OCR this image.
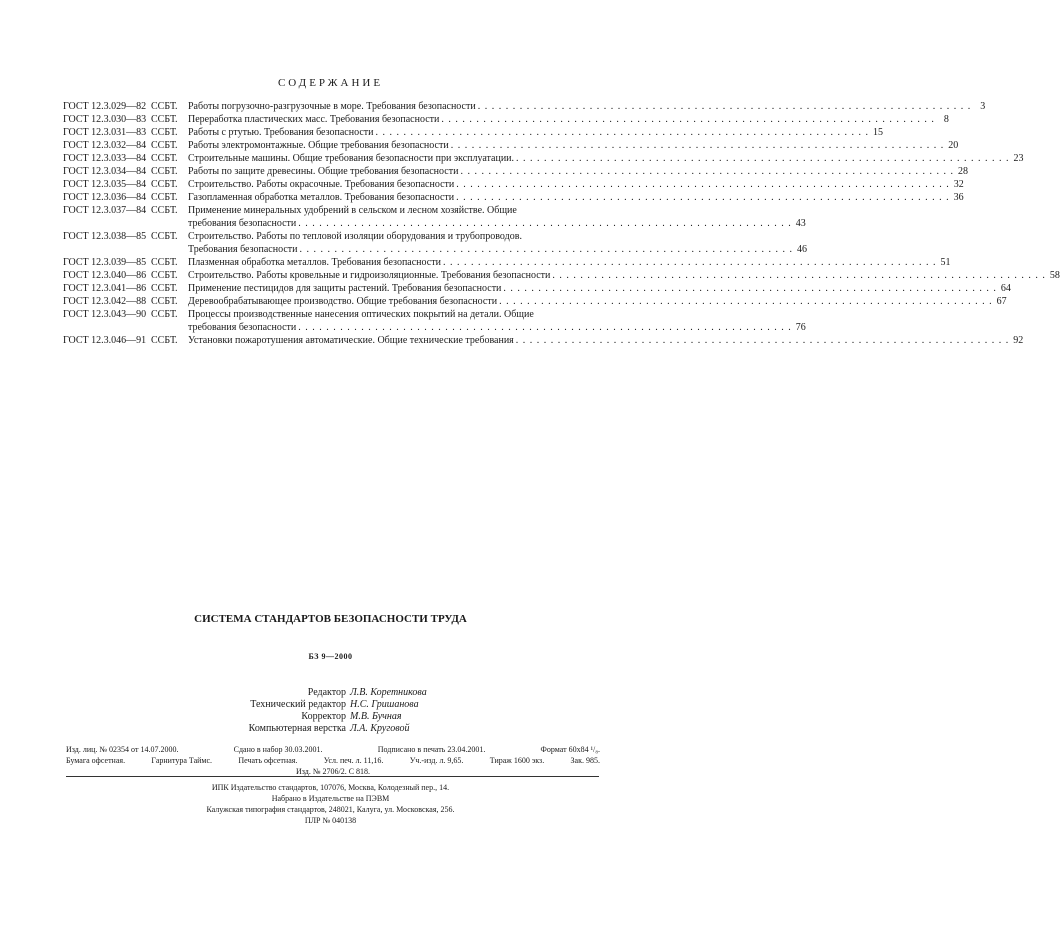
СОДЕРЖАНИЕ
ГОСТ 12.3.029—82 ССБТ.	Работы погрузочно-разгрузочные в море. Требования безопасности . . . . . . . . . . . . . . . . . . . . . . . . . . . . . . . . . . . . . . . . . . . . . . . . . . . . . . . . . . . . . . . . . . . . . . . 3
ГОСТ 12.3.030—83 ССБТ.	Переработка пластических масс. Требования безопасности . . . . . . . . . . . . . . . . . . . . . . . . . . . . . . . . . . . . . . . . . . . . . . . . . . . . . . . . . . . . . . . . . . . . . . . 8
ГОСТ 12.3.031—83 ССБТ.	Работы с ртутью. Требования безопасности . . . . . . . . . . . . . . . . . . . . . . . . . . . . . . . . . . . . . . . . . . . . . . . . . . . . . . . . . . . . . . . . . . . . . . . 15
ГОСТ 12.3.032—84 ССБТ.	Работы электромонтажные. Общие требования безопасности . . . . . . . . . . . . . . . . . . . . . . . . . . . . . . . . . . . . . . . . . . . . . . . . . . . . . . . . . . . . . . . . . . . . . . . 20
ГОСТ 12.3.033—84 ССБТ.	Строительные машины. Общие требования безопасности при эксплуатации. . . . . . . . . . . . . . . . . . . . . . . . . . . . . . . . . . . . . . . . . . . . . . . . . . . . . . . . . . . . . . . . . . . . . . . . 23
ГОСТ 12.3.034—84 ССБТ.	Работы по защите древесины. Общие требования безопасности . . . . . . . . . . . . . . . . . . . . . . . . . . . . . . . . . . . . . . . . . . . . . . . . . . . . . . . . . . . . . . . . . . . . . . . 28
ГОСТ 12.3.035—84 ССБТ.	Строительство. Работы окрасочные. Требования безопасности . . . . . . . . . . . . . . . . . . . . . . . . . . . . . . . . . . . . . . . . . . . . . . . . . . . . . . . . . . . . . . . . . . . . . . . 32
ГОСТ 12.3.036—84 ССБТ.	Газопламенная обработка металлов. Требования безопасности . . . . . . . . . . . . . . . . . . . . . . . . . . . . . . . . . . . . . . . . . . . . . . . . . . . . . . . . . . . . . . . . . . . . . . . 36
ГОСТ 12.3.037—84 ССБТ.	Применение минеральных удобрений в сельском и лесном хозяйстве. Общие
требования безопасности . . . . . . . . . . . . . . . . . . . . . . . . . . . . . . . . . . . . . . . . . . . . . . . . . . . . . . . . . . . . . . . . . . . . . . . 43
ГОСТ 12.3.038—85 ССБТ.	Строительство. Работы по тепловой изоляции оборудования и трубопроводов.
Требования безопасности . . . . . . . . . . . . . . . . . . . . . . . . . . . . . . . . . . . . . . . . . . . . . . . . . . . . . . . . . . . . . . . . . . . . . . . 46
ГОСТ 12.3.039—85 ССБТ.	Плазменная обработка металлов. Требования безопасности . . . . . . . . . . . . . . . . . . . . . . . . . . . . . . . . . . . . . . . . . . . . . . . . . . . . . . . . . . . . . . . . . . . . . . . 51
ГОСТ 12.3.040—86 ССБТ.	Строительство. Работы кровельные и гидроизоляционные. Требования безопасности . . . . . . . . . . . . . . . . . . . . . . . . . . . . . . . . . . . . . . . . . . . . . . . . . . . . . . . . . . . . . . . . . . . . . . . 58
ГОСТ 12.3.041—86 ССБТ.	Применение пестицидов для защиты растений. Требования безопасности . . . . . . . . . . . . . . . . . . . . . . . . . . . . . . . . . . . . . . . . . . . . . . . . . . . . . . . . . . . . . . . . . . . . . . . 64
ГОСТ 12.3.042—88 ССБТ.	Деревообрабатывающее производство. Общие требования безопасности . . . . . . . . . . . . . . . . . . . . . . . . . . . . . . . . . . . . . . . . . . . . . . . . . . . . . . . . . . . . . . . . . . . . . . . 67
ГОСТ 12.3.043—90 ССБТ.	Процессы производственные нанесения оптических покрытий на детали. Общие
требования безопасности . . . . . . . . . . . . . . . . . . . . . . . . . . . . . . . . . . . . . . . . . . . . . . . . . . . . . . . . . . . . . . . . . . . . . . . 76
ГОСТ 12.3.046—91 ССБТ.	Установки пожаротушения автоматические. Общие технические требования . . . . . . . . . . . . . . . . . . . . . . . . . . . . . . . . . . . . . . . . . . . . . . . . . . . . . . . . . . . . . . . . . . . . . . . 92
СИСТЕМА СТАНДАРТОВ БЕЗОПАСНОСТИ ТРУДА
БЗ 9—2000
Редактор Л.В. Коретникова
Технический редактор Н.С. Гришанова
Корректор М.В. Бучная
Компьютерная верстка Л.А. Круговой
Изд. лиц. № 02354 от 14.07.2000.	Сдано в набор 30.03.2001.	Подписано в печать 23.04.2001.	Формат 60x84 ¹/₈.
Бумага офсетная.	Гарнитура Таймс.	Печать офсетная.	Усл. печ. л. 11,16.	Уч.-изд. л. 9,65.	Тираж 1600 экз.	Зак. 985.
Изд. № 2706/2. С 818.
ИПК Издательство стандартов, 107076, Москва, Колодезный пер., 14.
Набрано в Издательстве на ПЭВМ
Калужская типография стандартов, 248021, Калуга, ул. Московская, 256.
ПЛР № 040138
